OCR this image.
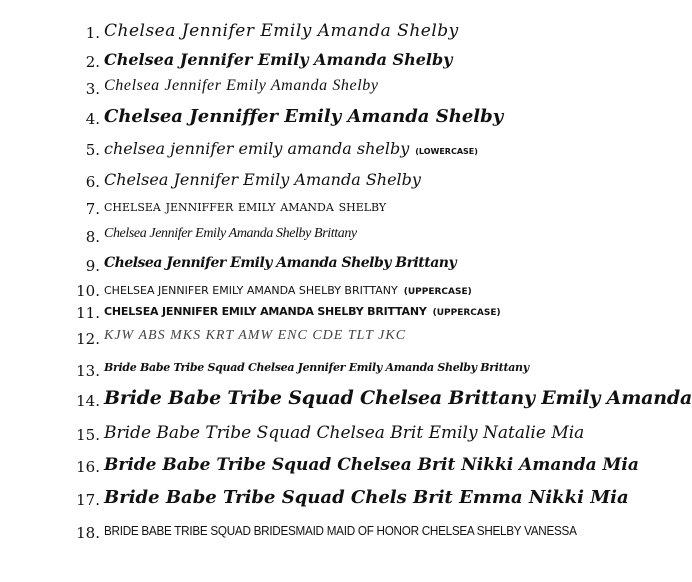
1. Chelsea Jennifer Emily Amanda Shelby
2. Chelsea Jennifer Emily Amanda Shelby
3. Chelsea Jennifer Emily Amanda Shelby
4. Chelsea Jenniffer Emily Amanda Shelby
5. chelsea jennifer emily amanda shelby (LOWERCASE)
6. Chelsea Jennifer Emily Amanda Shelby
7. chelsea jenniffer emily amanda shelby
8. Chelsea Jennifer Emily Amanda Shelby Brittany
9. Chelsea Jennifer Emily Amanda Shelby Brittany
10. CHELSEA JENNIFER EMILY AMANDA SHELBY BRITTANY (UPPERCASE)
11. CHELSEA JENNIFER EMILY AMANDA SHELBY BRITTANY (UPPERCASE)
12. KJW ABS MKS KRT AMW ENC CDE TLT JKC
13. Bride Babe Tribe Squad Chelsea Jennifer Emily Amanda Shelby Brittany
14. Bride Babe Tribe Squad Chelsea Brittany Emily Amanda
15. Bride Babe Tribe Squad Chelsea Brit Emily Natalie Mia
16. Bride Babe Tribe Squad Chelsea Brit Nikki Amanda Mia
17. Bride Babe Tribe Squad Chels Brit Emma Nikki Mia
18. BRIDE BABE TRIBE SQUAD BRIDESMAID MAID OF HONOR CHELSEA SHELBY VANESSA
